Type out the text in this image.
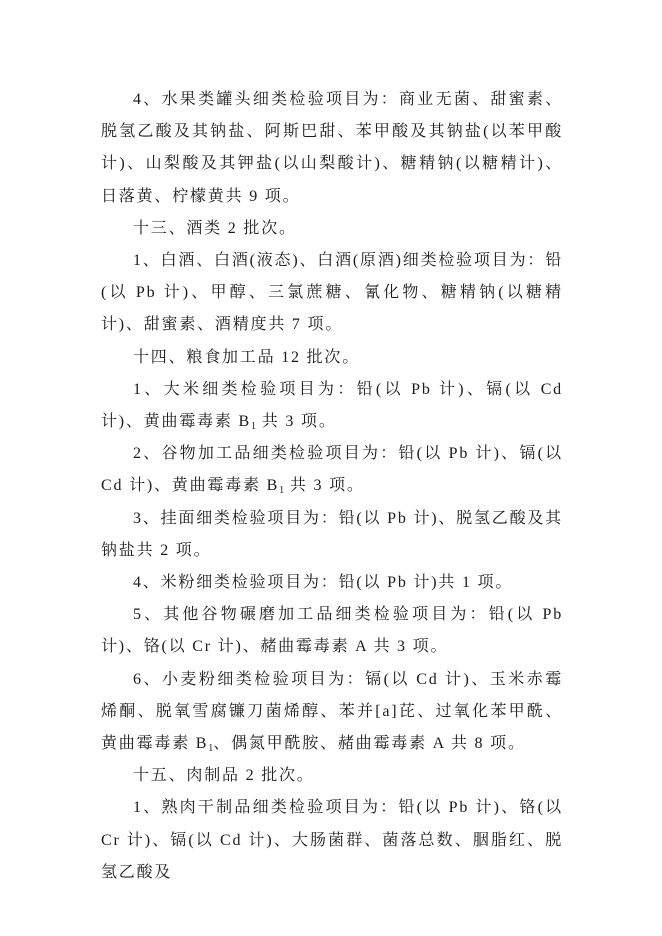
4、水果类罐头细类检验项目为：商业无菌、甜蜜素、脱氢乙酸及其钠盐、阿斯巴甜、苯甲酸及其钠盐(以苯甲酸计)、山梨酸及其钾盐(以山梨酸计)、糖精钠(以糖精计)、日落黄、柠檬黄共 9 项。

十三、酒类 2 批次。

1、白酒、白酒(液态)、白酒(原酒)细类检验项目为：铅(以 Pb 计)、甲醇、三氯蔗糖、氰化物、糖精钠(以糖精计)、甜蜜素、酒精度共 7 项。

十四、粮食加工品 12 批次。

1、大米细类检验项目为：铅(以 Pb 计)、镉(以 Cd 计)、黄曲霉毒素 $B_1$ 共 3 项。

2、谷物加工品细类检验项目为：铅(以 Pb 计)、镉(以 Cd 计)、黄曲霉毒素 $B_1$ 共 3 项。

3、挂面细类检验项目为：铅(以 Pb 计)、脱氢乙酸及其钠盐共 2 项。

4、米粉细类检验项目为：铅(以 Pb 计)共 1 项。

5、其他谷物碾磨加工品细类检验项目为：铅(以 Pb 计)、铬(以 Cr 计)、赭曲霉毒素 A 共 3 项。

6、小麦粉细类检验项目为：镉(以 Cd 计)、玉米赤霉烯酮、脱氧雪腐镰刀菌烯醇、苯并[a]芘、过氧化苯甲酰、黄曲霉毒素 $B_1$、偶氮甲酰胺、赭曲霉毒素 A 共 8 项。

十五、肉制品 2 批次。

1、熟肉干制品细类检验项目为：铅(以 Pb 计)、铬(以 Cr 计)、镉(以 Cd 计)、大肠菌群、菌落总数、胭脂红、脱氢乙酸及
